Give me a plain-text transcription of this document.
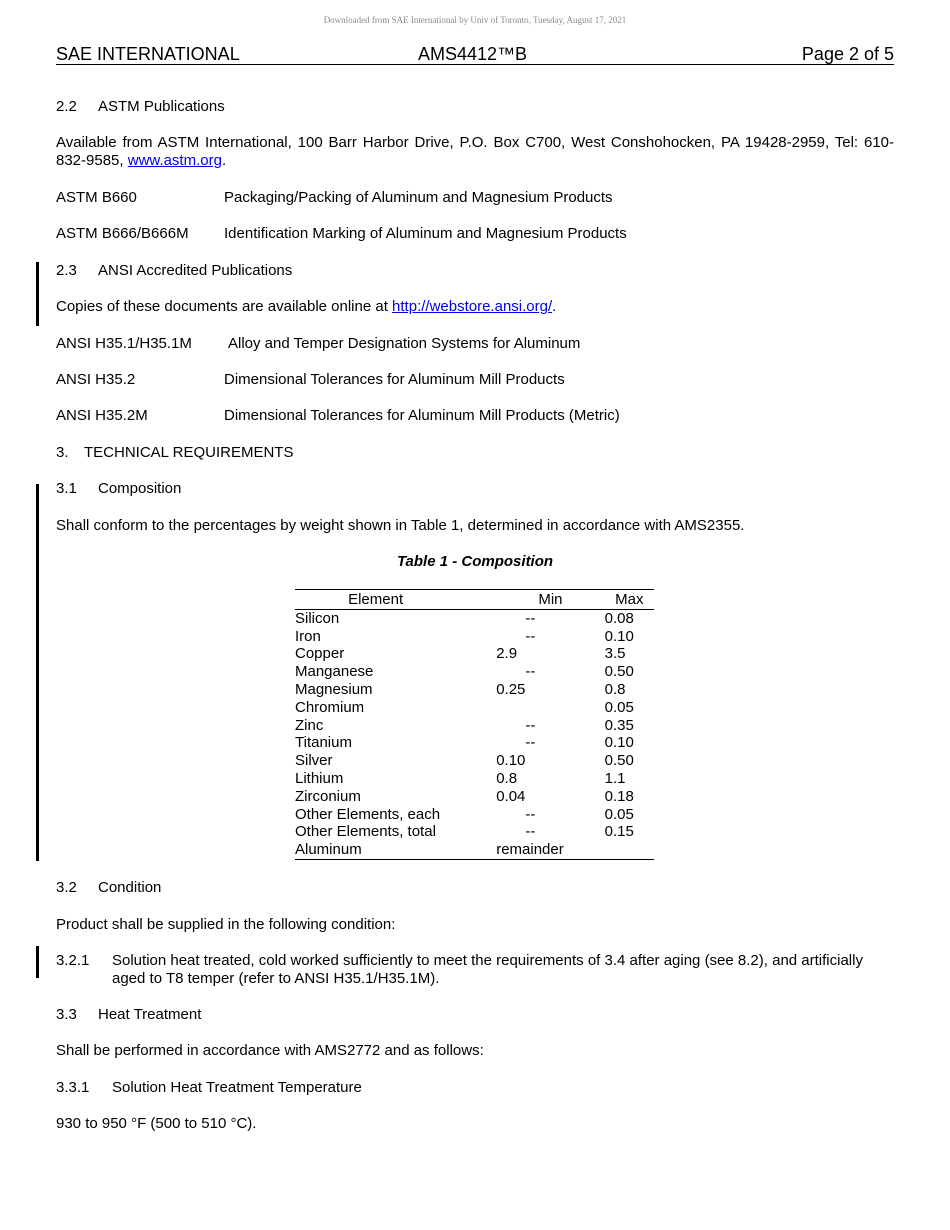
Downloaded from SAE International by Univ of Toronto, Tuesday, August 17, 2021
SAE INTERNATIONAL	AMS4412™B	Page 2 of 5
2.2 ASTM Publications
Available from ASTM International, 100 Barr Harbor Drive, P.O. Box C700, West Conshohocken, PA 19428-2959, Tel: 610-832-9585, www.astm.org.
ASTM B660	Packaging/Packing of Aluminum and Magnesium Products
ASTM B666/B666M Identification Marking of Aluminum and Magnesium Products
2.3 ANSI Accredited Publications
Copies of these documents are available online at http://webstore.ansi.org/.
ANSI H35.1/H35.1M Alloy and Temper Designation Systems for Aluminum
ANSI H35.2	Dimensional Tolerances for Aluminum Mill Products
ANSI H35.2M	Dimensional Tolerances for Aluminum Mill Products (Metric)
3. TECHNICAL REQUIREMENTS
3.1 Composition
Shall conform to the percentages by weight shown in Table 1, determined in accordance with AMS2355.
Table 1 - Composition
Element	Min	Max
Silicon	--	0.08
Iron	--	0.10
Copper	2.9	3.5
Manganese	--	0.50
Magnesium	0.25	0.8
Chromium		0.05
Zinc	--	0.35
Titanium	--	0.10
Silver	0.10	0.50
Lithium	0.8	1.1
Zirconium	0.04	0.18
Other Elements, each	--	0.05
Other Elements, total	--	0.15
Aluminum	remainder	
3.2 Condition
Product shall be supplied in the following condition:
3.2.1 Solution heat treated, cold worked sufficiently to meet the requirements of 3.4 after aging (see 8.2), and artificially
aged to T8 temper (refer to ANSI H35.1/H35.1M).
3.3 Heat Treatment
Shall be performed in accordance with AMS2772 and as follows:
3.3.1 Solution Heat Treatment Temperature
930 to 950 °F (500 to 510 °C).
